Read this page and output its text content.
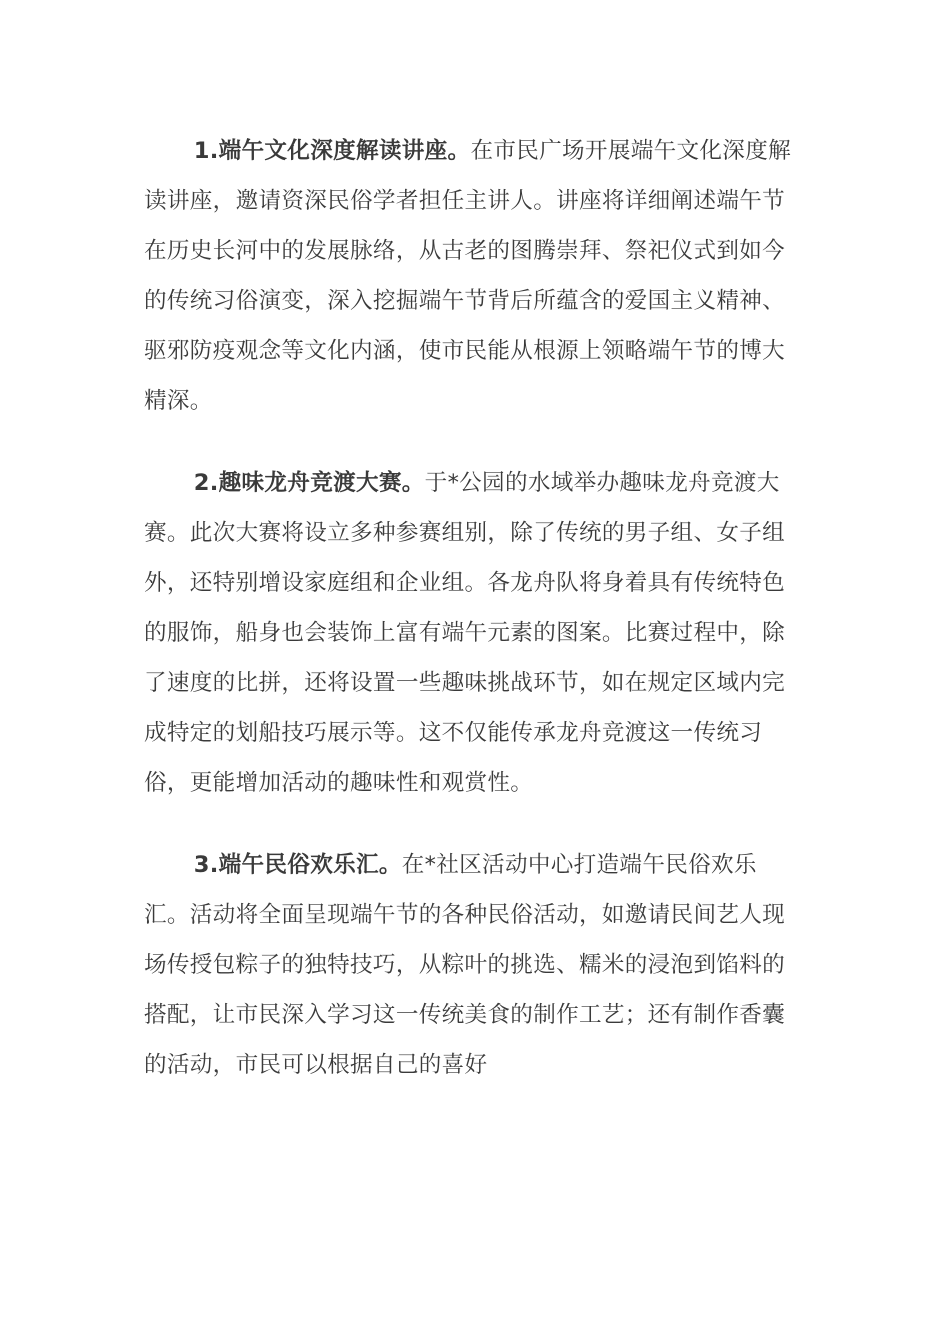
1.端午文化深度解读讲座。在市民广场开展端午文化深度解读讲座，邀请资深民俗学者担任主讲人。讲座将详细阐述端午节在历史长河中的发展脉络，从古老的图腾崇拜、祭祀仪式到如今的传统习俗演变，深入挖掘端午节背后所蕴含的爱国主义精神、驱邪防疫观念等文化内涵，使市民能从根源上领略端午节的博大精深。

2.趣味龙舟竞渡大赛。于*公园的水域举办趣味龙舟竞渡大赛。此次大赛将设立多种参赛组别，除了传统的男子组、女子组外，还特别增设家庭组和企业组。各龙舟队将身着具有传统特色的服饰，船身也会装饰上富有端午元素的图案。比赛过程中，除了速度的比拼，还将设置一些趣味挑战环节，如在规定区域内完成特定的划船技巧展示等。这不仅能传承龙舟竞渡这一传统习俗，更能增加活动的趣味性和观赏性。

3.端午民俗欢乐汇。在*社区活动中心打造端午民俗欢乐汇。活动将全面呈现端午节的各种民俗活动，如邀请民间艺人现场传授包粽子的独特技巧，从粽叶的挑选、糯米的浸泡到馅料的搭配，让市民深入学习这一传统美食的制作工艺；还有制作香囊的活动，市民可以根据自己的喜好
